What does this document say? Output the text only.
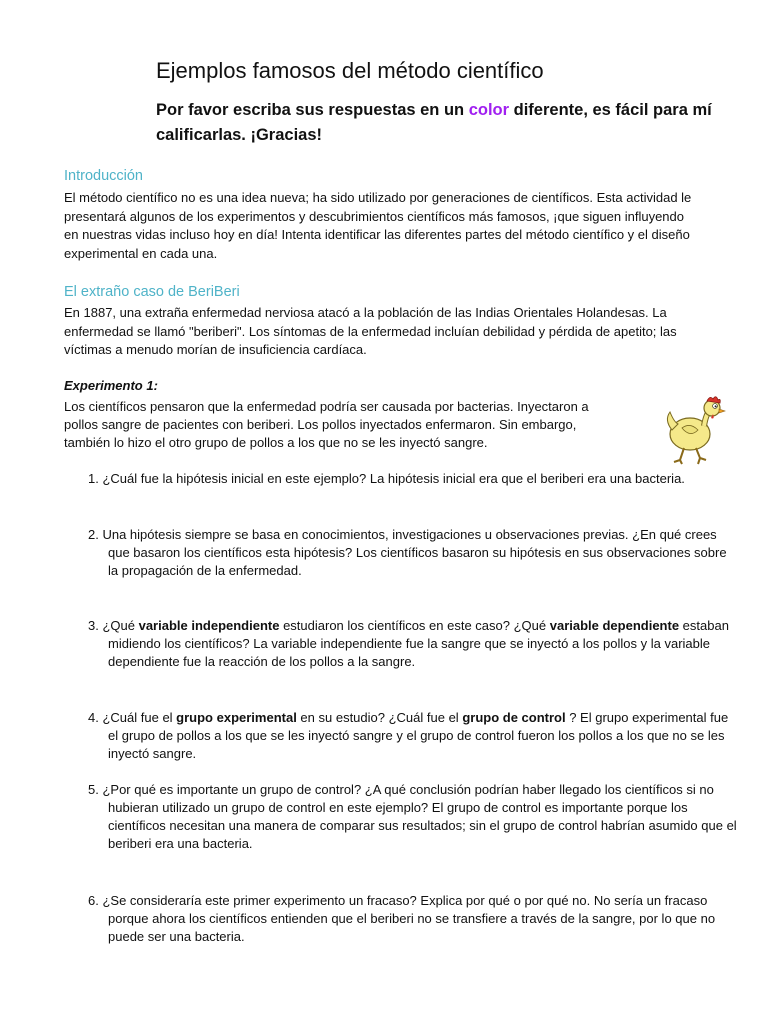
Ejemplos famosos del método científico

Por favor escriba sus respuestas en un color diferente, es fácil para mí calificarlas. ¡Gracias!

Introducción

El método científico no es una idea nueva; ha sido utilizado por generaciones de científicos. Esta actividad le presentará algunos de los experimentos y descubrimientos científicos más famosos, ¡que siguen influyendo en nuestras vidas incluso hoy en día! Intenta identificar las diferentes partes del método científico y el diseño experimental en cada una.

El extraño caso de BeriBeri

En 1887, una extraña enfermedad nerviosa atacó a la población de las Indias Orientales Holandesas. La enfermedad se llamó "beriberi". Los síntomas de la enfermedad incluían debilidad y pérdida de apetito; las víctimas a menudo morían de insuficiencia cardíaca.

Experimento 1:

Los científicos pensaron que la enfermedad podría ser causada por bacterias. Inyectaron a pollos sangre de pacientes con beriberi. Los pollos inyectados enfermaron. Sin embargo, también lo hizo el otro grupo de pollos a los que no se les inyectó sangre.

1. ¿Cuál fue la hipótesis inicial en este ejemplo? La hipótesis inicial era que el beriberi era una bacteria.

2. Una hipótesis siempre se basa en conocimientos, investigaciones u observaciones previas. ¿En qué crees que basaron los científicos esta hipótesis? Los científicos basaron su hipótesis en sus observaciones sobre la propagación de la enfermedad.

3. ¿Qué variable independiente estudiaron los científicos en este caso? ¿Qué variable dependiente estaban midiendo los científicos? La variable independiente fue la sangre que se inyectó a los pollos y la variable dependiente fue la reacción de los pollos a la sangre.

4. ¿Cuál fue el grupo experimental en su estudio? ¿Cuál fue el grupo de control ? El grupo experimental fue el grupo de pollos a los que se les inyectó sangre y el grupo de control fueron los pollos a los que no se les inyectó sangre.

5. ¿Por qué es importante un grupo de control? ¿A qué conclusión podrían haber llegado los científicos si no hubieran utilizado un grupo de control en este ejemplo? El grupo de control es importante porque los científicos necesitan una manera de comparar sus resultados; sin el grupo de control habrían asumido que el beriberi era una bacteria.

6. ¿Se consideraría este primer experimento un fracaso? Explica por qué o por qué no. No sería un fracaso porque ahora los científicos entienden que el beriberi no se transfiere a través de la sangre, por lo que no puede ser una bacteria.
